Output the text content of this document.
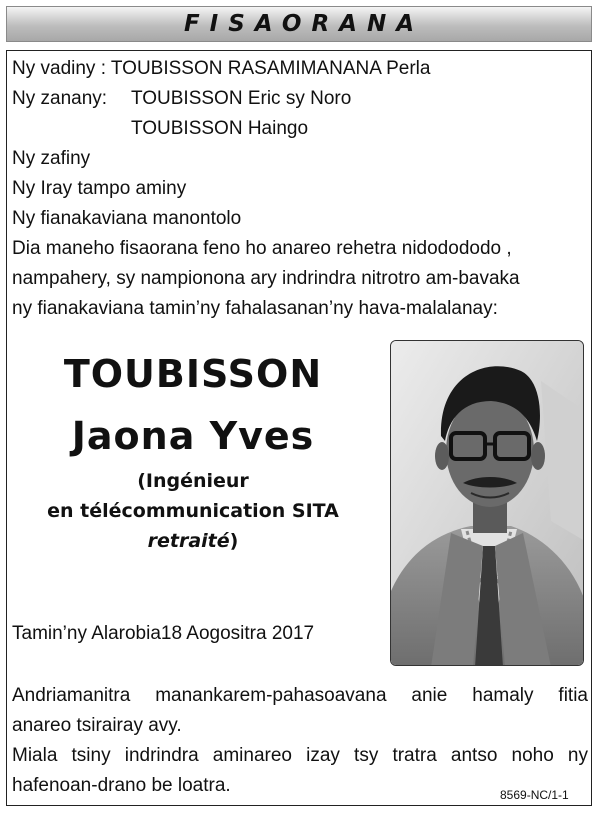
FISAORANA
Ny vadiny : TOUBISSON RASAMIMANANA Perla
Ny zanany: TOUBISSON Eric sy Noro
TOUBISSON Haingo
Ny zafiny
Ny Iray tampo aminy
Ny fianakaviana manontolo
Dia maneho fisaorana feno ho anareo rehetra nidodododo ,
nampahery, sy nampionona ary indrindra nitrotro am-bavaka
ny fianakaviana tamin’ny fahalasanan’ny hava-malalanay:
TOUBISSON
Jaona Yves
(Ingénieur
en télécommunication SITA
retraité)
Tamin’ny Alarobia18 Aogositra 2017
Andriamanitra manankarem-pahasoavana anie hamaly fitia
anareo tsirairay avy.
Miala tsiny indrindra aminareo izay tsy tratra antso noho ny
hafenoan-drano be loatra.	8569-NC/1-1
